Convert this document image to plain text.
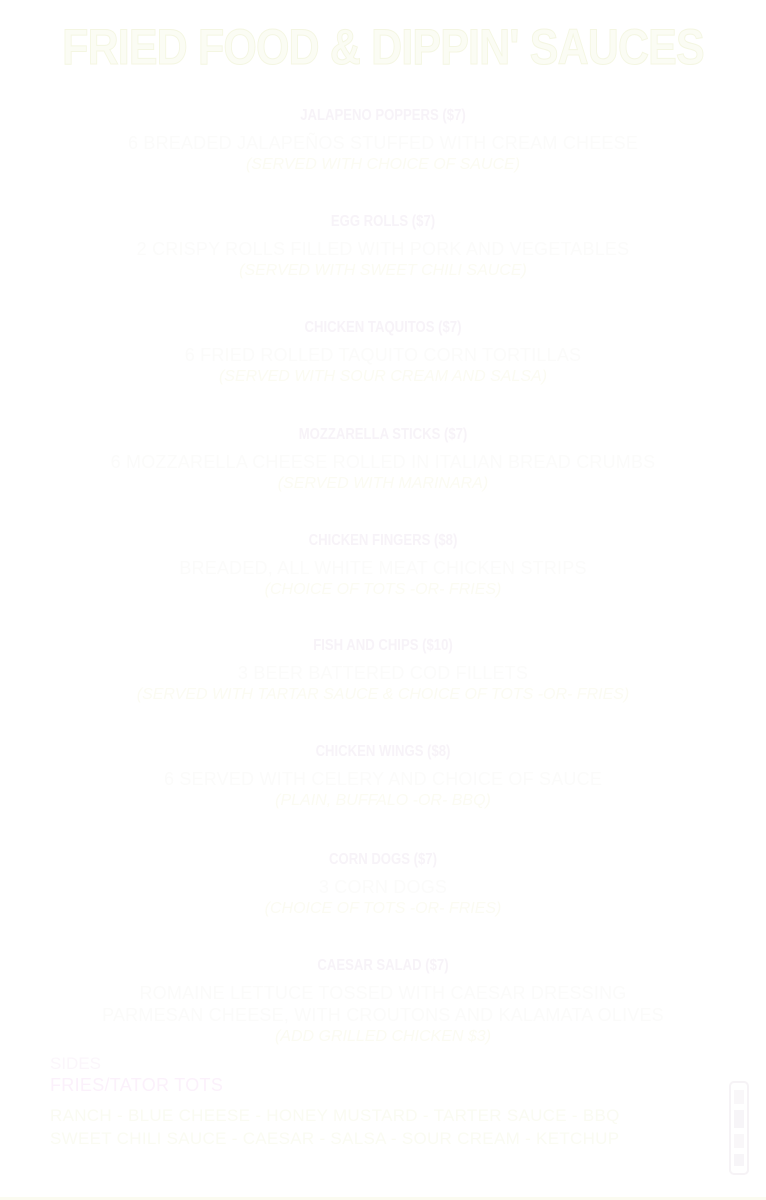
FRIED FOOD & DIPPIN' SAUCES
JALAPENO POPPERS ($7)
6 BREADED JALAPEÑOS STUFFED WITH CREAM CHEESE
(SERVED WITH CHOICE OF SAUCE)
EGG ROLLS ($7)
2 CRISPY ROLLS FILLED WITH PORK AND VEGETABLES
(SERVED WITH SWEET CHILI SAUCE)
CHICKEN TAQUITOS ($7)
6 FRIED ROLLED TAQUITO CORN TORTILLAS
(SERVED WITH SOUR CREAM AND SALSA)
MOZZARELLA STICKS ($7)
6 MOZZARELLA CHEESE ROLLED IN ITALIAN BREAD CRUMBS
(SERVED WITH MARINARA)
CHICKEN FINGERS ($8)
BREADED, ALL WHITE MEAT CHICKEN STRIPS
(CHOICE OF TOTS -OR- FRIES)
FISH AND CHIPS ($10)
3 BEER BATTERED COD FILLETS
(SERVED WITH TARTAR SAUCE & CHOICE OF TOTS -OR- FRIES)
CHICKEN WINGS ($8)
6 SERVED WITH CELERY AND CHOICE OF SAUCE
(PLAIN, BUFFALO -OR- BBQ)
CORN DOGS ($7)
3 CORN DOGS
(CHOICE OF TOTS -OR- FRIES)
CAESAR SALAD ($7)
ROMAINE LETTUCE TOSSED WITH CAESAR DRESSING
PARMESAN CHEESE, WITH CROUTONS AND KALAMATA OLIVES
(ADD GRILLED CHICKEN $3)
SIDES
FRIES/TATOR TOTS
RANCH - BLUE CHEESE - HONEY MUSTARD - TARTER SAUCE - BBQ
SWEET CHILI SAUCE - CAESAR - SALSA - SOUR CREAM - KETCHUP
